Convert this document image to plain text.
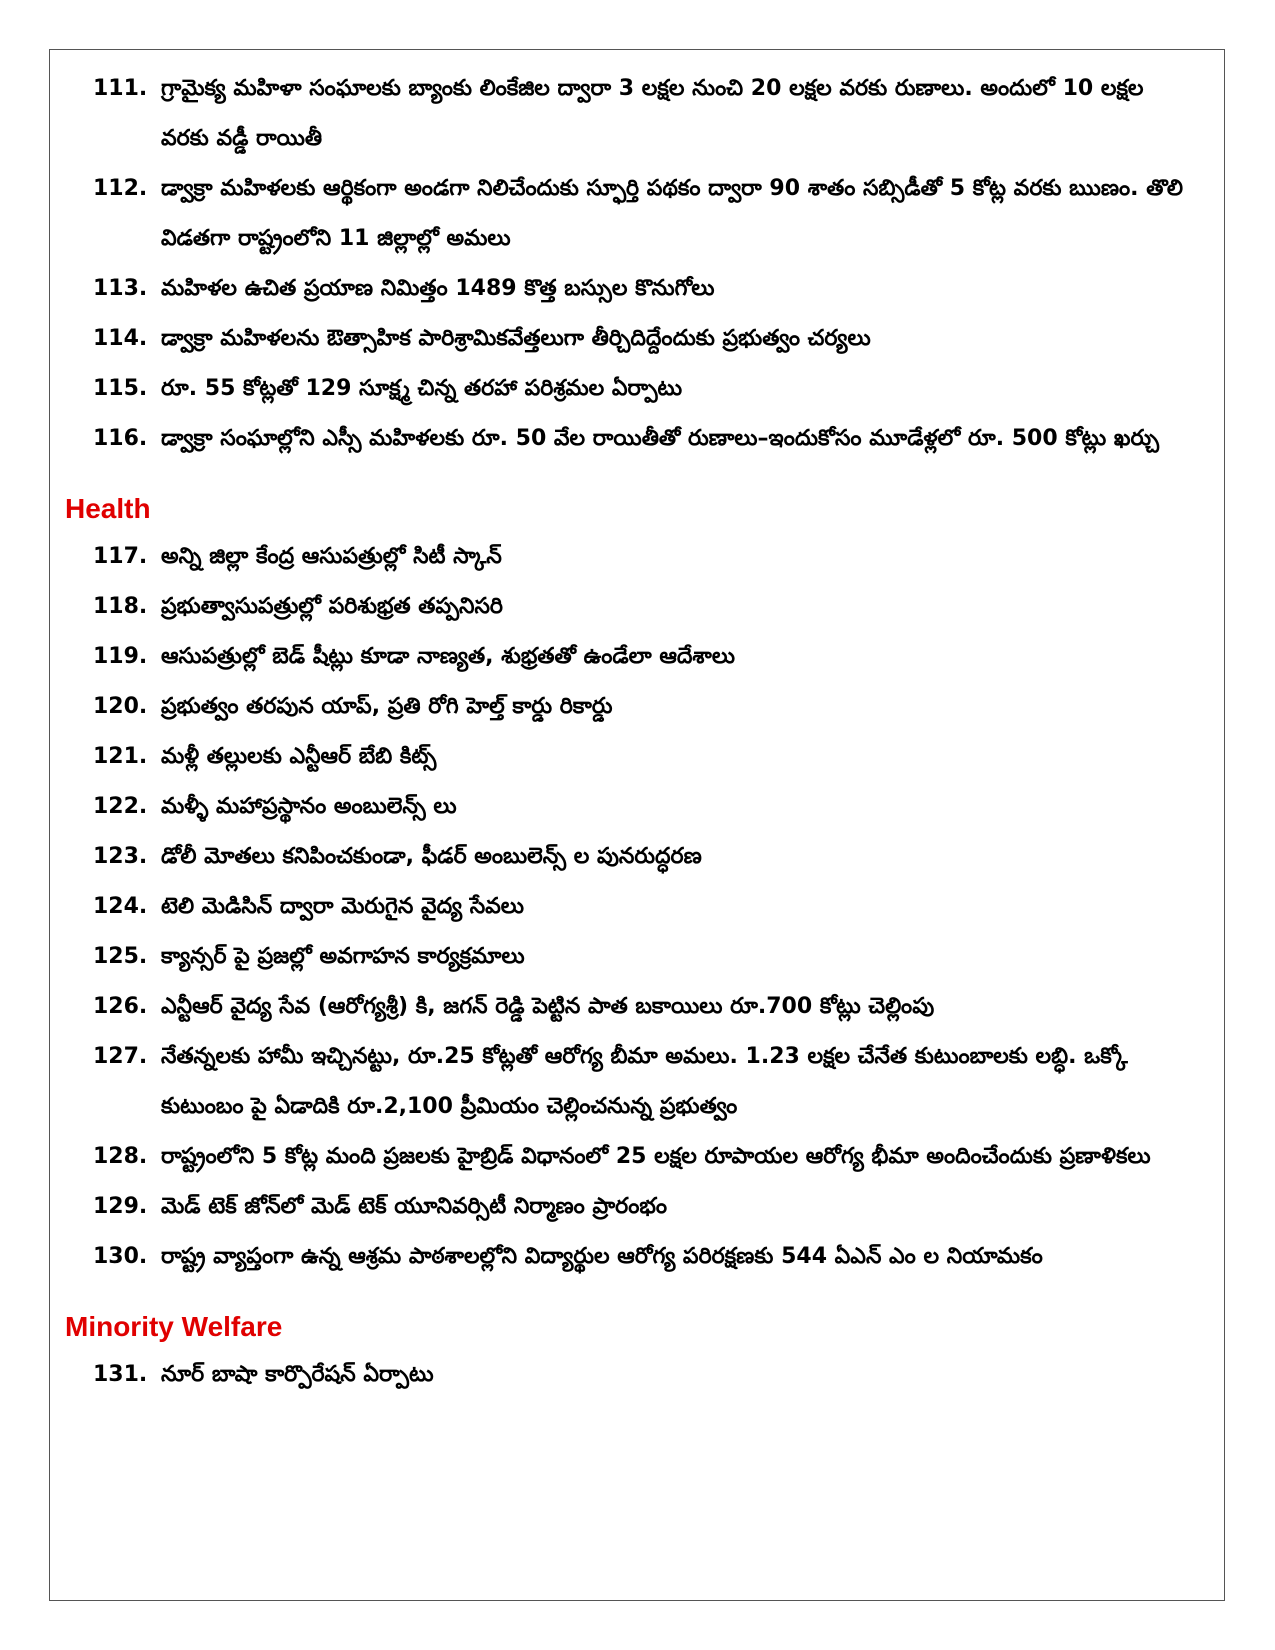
111. గ్రామైక్య మహిళా సంఘాలకు బ్యాంకు లింకేజిల ద్వారా 3 లక్షల నుంచి 20 లక్షల వరకు రుణాలు. అందులో 10 లక్షల వరకు వడ్డీ రాయితీ
112. డ్వాక్రా మహిళలకు ఆర్థికంగా అండగా నిలిచేందుకు స్ఫూర్తి పథకం ద్వారా 90 శాతం సబ్సిడీతో 5 కోట్ల వరకు ఋణం. తొలి విడతగా రాష్ట్రంలోని 11 జిల్లాల్లో అమలు
113. మహిళల ఉచిత ప్రయాణ నిమిత్తం 1489 కొత్త బస్సుల కొనుగోలు
114. డ్వాక్రా మహిళలను ఔత్సాహిక పారిశ్రామికవేత్తలుగా తీర్చిదిద్దేందుకు ప్రభుత్వం చర్యలు
115. రూ. 55 కోట్లతో 129 సూక్ష్మ చిన్న తరహా పరిశ్రమల ఏర్పాటు
116. డ్వాక్రా సంఘాల్లోని ఎస్సీ మహిళలకు రూ. 50 వేల రాయితీతో రుణాలు–ఇందుకోసం మూడేళ్లలో రూ. 500 కోట్లు ఖర్చు
Health
117. అన్ని జిల్లా కేంద్ర ఆసుపత్రుల్లో సిటీ స్కాన్
118. ప్రభుత్వాసుపత్రుల్లో పరిశుభ్రత తప్పనిసరి
119. ఆసుపత్రుల్లో బెడ్ షీట్లు కూడా నాణ్యత, శుభ్రతతో ఉండేలా ఆదేశాలు
120. ప్రభుత్వం తరపున యాప్, ప్రతి రోగి హెల్త్ కార్డు రికార్డు
121. మళ్లీ తల్లులకు ఎన్టీఆర్ బేబి కిట్స్
122. మళ్ళీ మహాప్రస్థానం అంబులెన్స్ లు
123. డోలీ మోతలు కనిపించకుండా, ఫీడర్ అంబులెన్స్ ల పునరుద్ధరణ
124. టెలి మెడిసిన్ ద్వారా మెరుగైన వైద్య సేవలు
125. క్యాన్సర్ పై ప్రజల్లో అవగాహన కార్యక్రమాలు
126. ఎన్టీఆర్ వైద్య సేవ (ఆరోగ్యశ్రీ) కి, జగన్ రెడ్డి పెట్టిన పాత బకాయిలు రూ.700 కోట్లు చెల్లింపు
127. నేతన్నలకు హామీ ఇచ్చినట్టు, రూ.25 కోట్లతో ఆరోగ్య బీమా అమలు. 1.23 లక్షల చేనేత కుటుంబాలకు లబ్ధి. ఒక్కో కుటుంబం పై ఏడాదికి రూ.2,100 ప్రీమియం చెల్లించనున్న ప్రభుత్వం
128. రాష్ట్రంలోని 5 కోట్ల మంది ప్రజలకు హైబ్రిడ్ విధానంలో 25 లక్షల రూపాయల ఆరోగ్య భీమా అందించేందుకు ప్రణాళికలు
129. మెడ్ టెక్ జోన్‌లో మెడ్ టెక్ యూనివర్సిటీ నిర్మాణం ప్రారంభం
130. రాష్ట్ర వ్యాప్తంగా ఉన్న ఆశ్రమ పాఠశాలల్లోని విద్యార్థుల ఆరోగ్య పరిరక్షణకు 544 ఏఎన్ ఎం ల నియామకం
Minority Welfare
131. నూర్ బాషా కార్పొరేషన్ ఏర్పాటు
